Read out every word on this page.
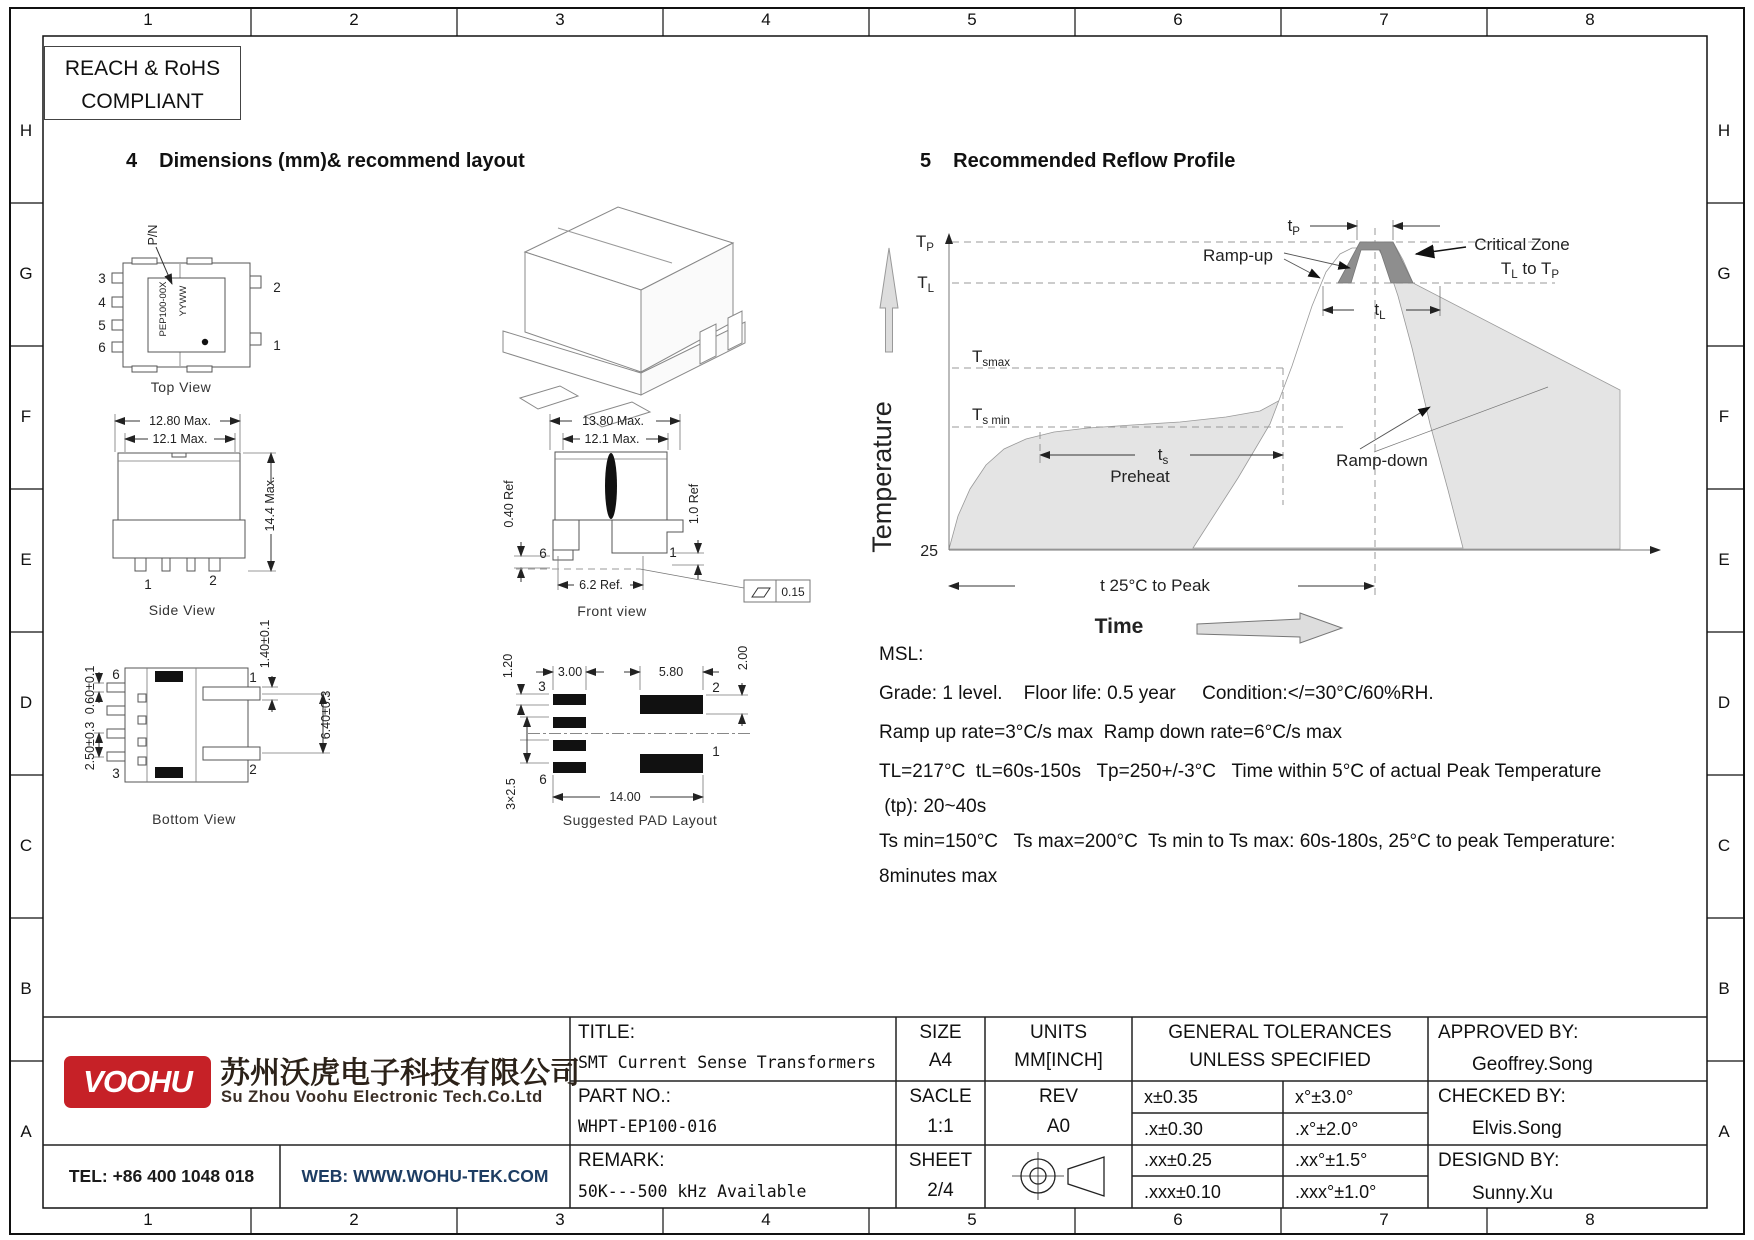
3
4
5
6
2
1
P/N
PEP100-00X YYWW
Top View
12.80 Max.
12.1 Max.
14.4 Max.
1	2
Side View
13.80 Max.
12.1 Max.
6	1
0.40 Ref	1.0 Ref
6.2 Ref.	0.15
Front view
6	1
3	2
0.60±0.1
2.50±0.3
1.40±0.1
6.40±0.3
Bottom View
3.00	5.80
1.20	2.00
3×2.5	14.00
3	2
1
6
Suggested PAD Layout
$T_P$
$T_L$
$T_{smax}$
$T_{s min}$
25
Temperature
Time
$t_P$
$t_L$
$t_s$
Preheat
Ramp-up
Ramp-down
Critical Zone
$T_L$ to $T_P$
t 25°C to Peak
1	2	3	4	5	6	7	8
1	2	3	4	5	6	7	8
H
G
F
E
D
C
B
A
H
G
F
E
D
C
B
A
REACH & RoHS
COMPLIANT
4 Dimensions (mm)& recommend layout	5 Recommended Reflow Profile
MSL:
Grade: 1 level.    Floor life: 0.5 year     Condition:</=30°C/60%RH.
Ramp up rate=3°C/s max  Ramp down rate=6°C/s max
TL=217°C  tL=60s-150s   Tp=250+/-3°C   Time within 5°C of actual Peak Temperature
(tp): 20~40s
Ts min=150°C   Ts max=200°C  Ts min to Ts max: 60s-180s, 25°C to peak Temperature:
8minutes max
VOOHU 苏州沃虎电子科技有限公司
Su Zhou Voohu Electronic Tech.Co.Ltd
TEL: +86 400 1048 018	WEB: WWW.WOHU-TEK.COM
TITLE:
SMT Current Sense Transformers
PART NO.:
WHPT-EP100-016
REMARK:
50K---500 kHz Available
SIZE
A4
SACLE
1:1
SHEET
2/4
UNITS
MM[INCH]
REV
A0
GENERAL TOLERANCES
UNLESS SPECIFIED
x±0.35	x°±3.0°
.x±0.30	.x°±2.0°
.xx±0.25	.xx°±1.5°
.xxx±0.10	.xxx°±1.0°
APPROVED BY:
Geoffrey.Song
CHECKED BY:
Elvis.Song
DESIGND BY:
Sunny.Xu
